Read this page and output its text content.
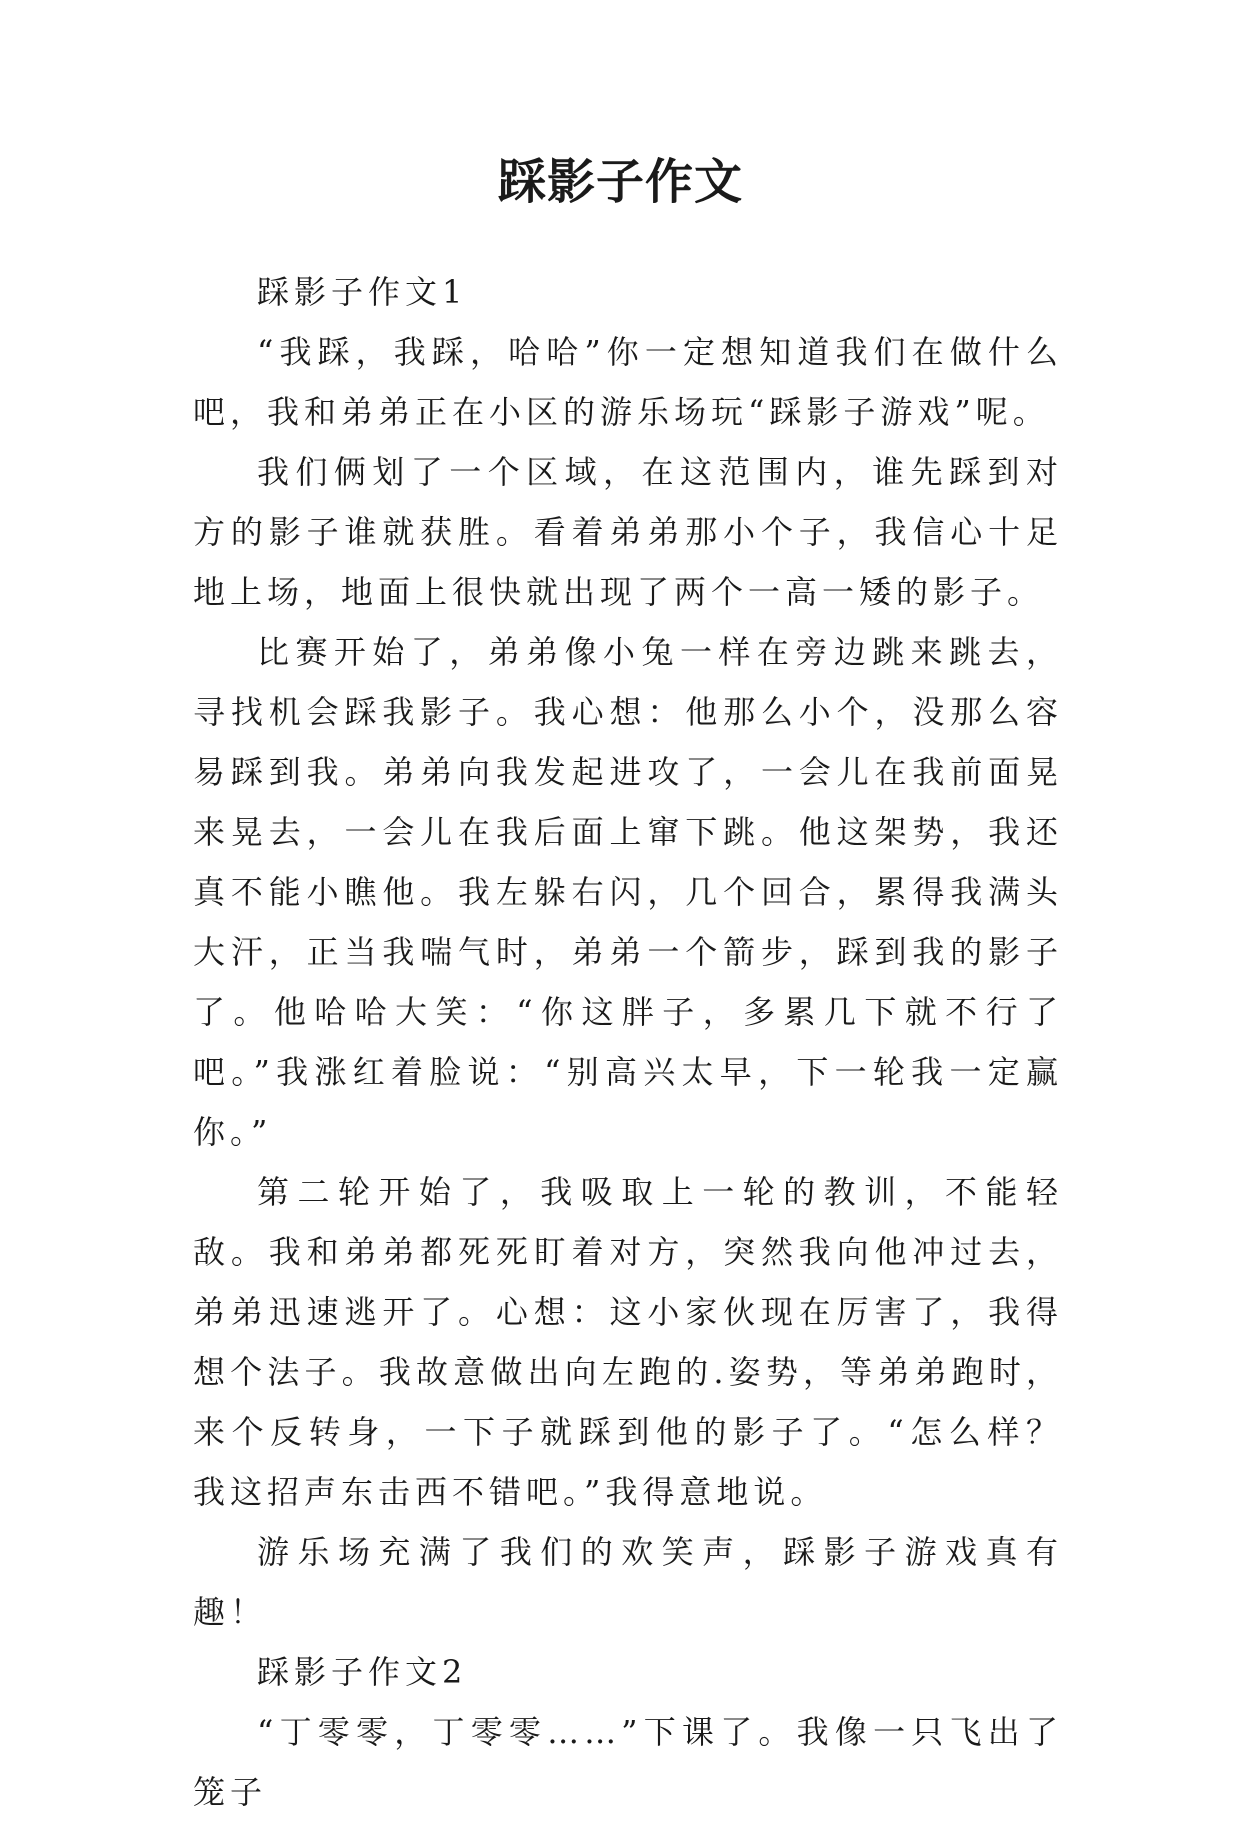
踩影子作文

踩影子作文1

“我踩，我踩，哈哈”你一定想知道我们在做什么吧，我和弟弟正在小区的游乐场玩“踩影子游戏”呢。

我们俩划了一个区域，在这范围内，谁先踩到对方的影子谁就获胜。看着弟弟那小个子，我信心十足地上场，地面上很快就出现了两个一高一矮的影子。

比赛开始了，弟弟像小兔一样在旁边跳来跳去，寻找机会踩我影子。我心想：他那么小个，没那么容易踩到我。弟弟向我发起进攻了，一会儿在我前面晃来晃去，一会儿在我后面上窜下跳。他这架势，我还真不能小瞧他。我左躲右闪，几个回合，累得我满头大汗，正当我喘气时，弟弟一个箭步，踩到我的影子了。他哈哈大笑：“你这胖子，多累几下就不行了吧。”我涨红着脸说：“别高兴太早，下一轮我一定赢你。”

第二轮开始了，我吸取上一轮的教训，不能轻敌。我和弟弟都死死盯着对方，突然我向他冲过去，弟弟迅速逃开了。心想：这小家伙现在厉害了，我得想个法子。我故意做出向左跑的.姿势，等弟弟跑时，来个反转身，一下子就踩到他的影子了。“怎么样？我这招声东击西不错吧。”我得意地说。

游乐场充满了我们的欢笑声，踩影子游戏真有趣！

踩影子作文2

“丁零零，丁零零……”下课了。我像一只飞出了笼子
